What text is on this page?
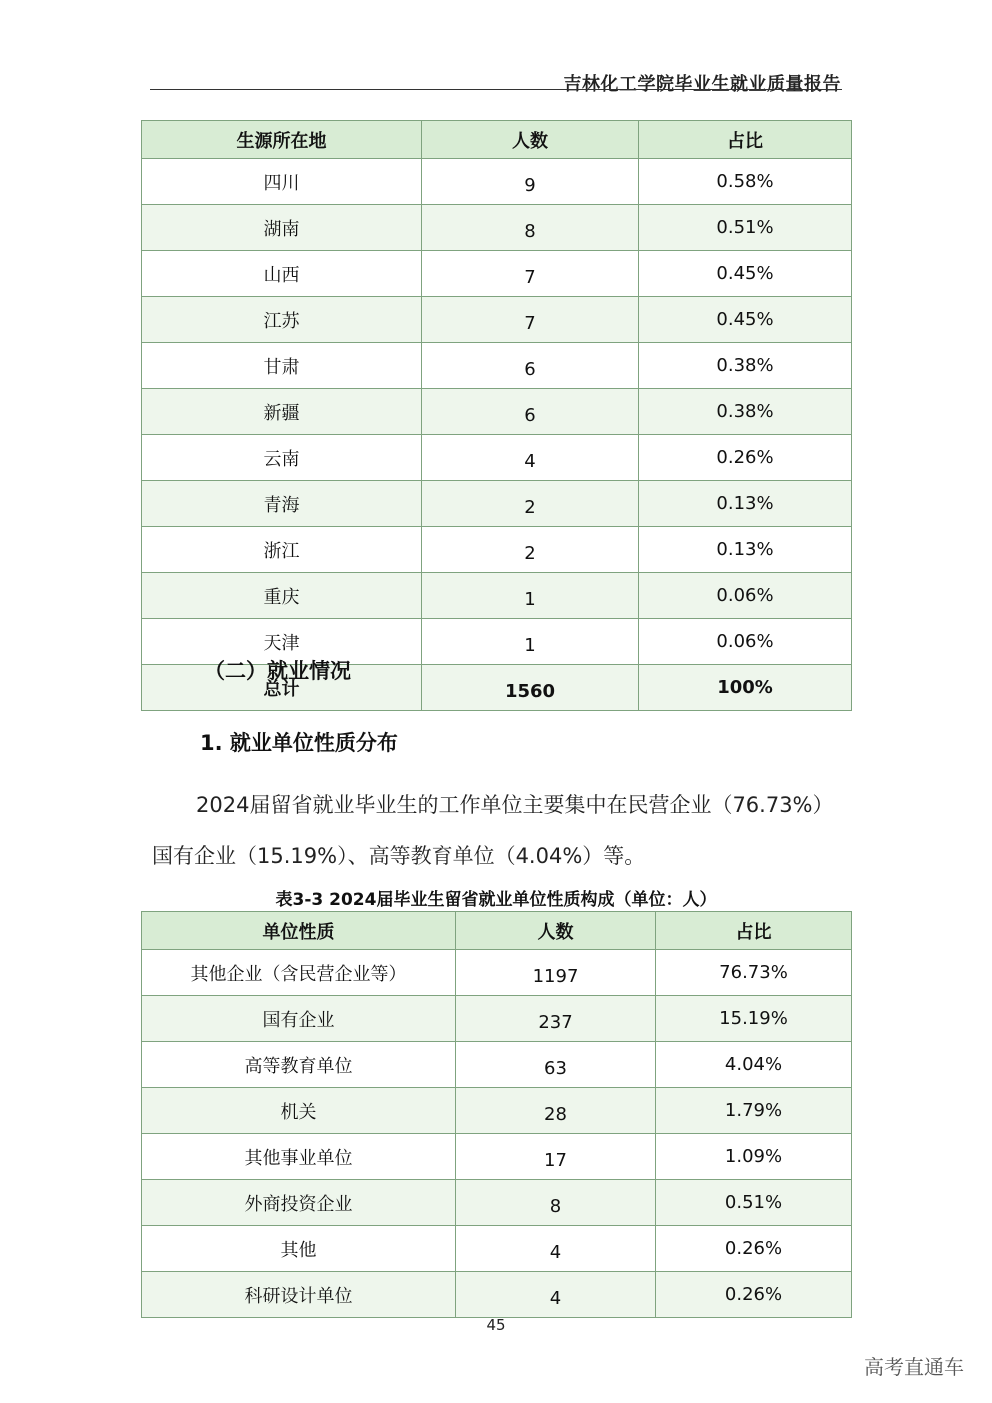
吉林化工学院毕业生就业质量报告
生源所在地	人数	占比
四川	9	0.58%
湖南	8	0.51%
山西	7	0.45%
江苏	7	0.45%
甘肃	6	0.38%
新疆	6	0.38%
云南	4	0.26%
青海	2	0.13%
浙江	2	0.13%
重庆	1	0.06%
天津	1	0.06%
总计	1560	100%
（二）就业情况
1. 就业单位性质分布
2024届留省就业毕业生的工作单位主要集中在民营企业（76.73%）
国有企业（15.19%）、高等教育单位（4.04%）等。
表3-3 2024届毕业生留省就业单位性质构成（单位：人）
单位性质	人数	占比
其他企业（含民营企业等）	1197	76.73%
国有企业	237	15.19%
高等教育单位	63	4.04%
机关	28	1.79%
其他事业单位	17	1.09%
外商投资企业	8	0.51%
其他	4	0.26%
科研设计单位	4	0.26%
45
高考直通车
